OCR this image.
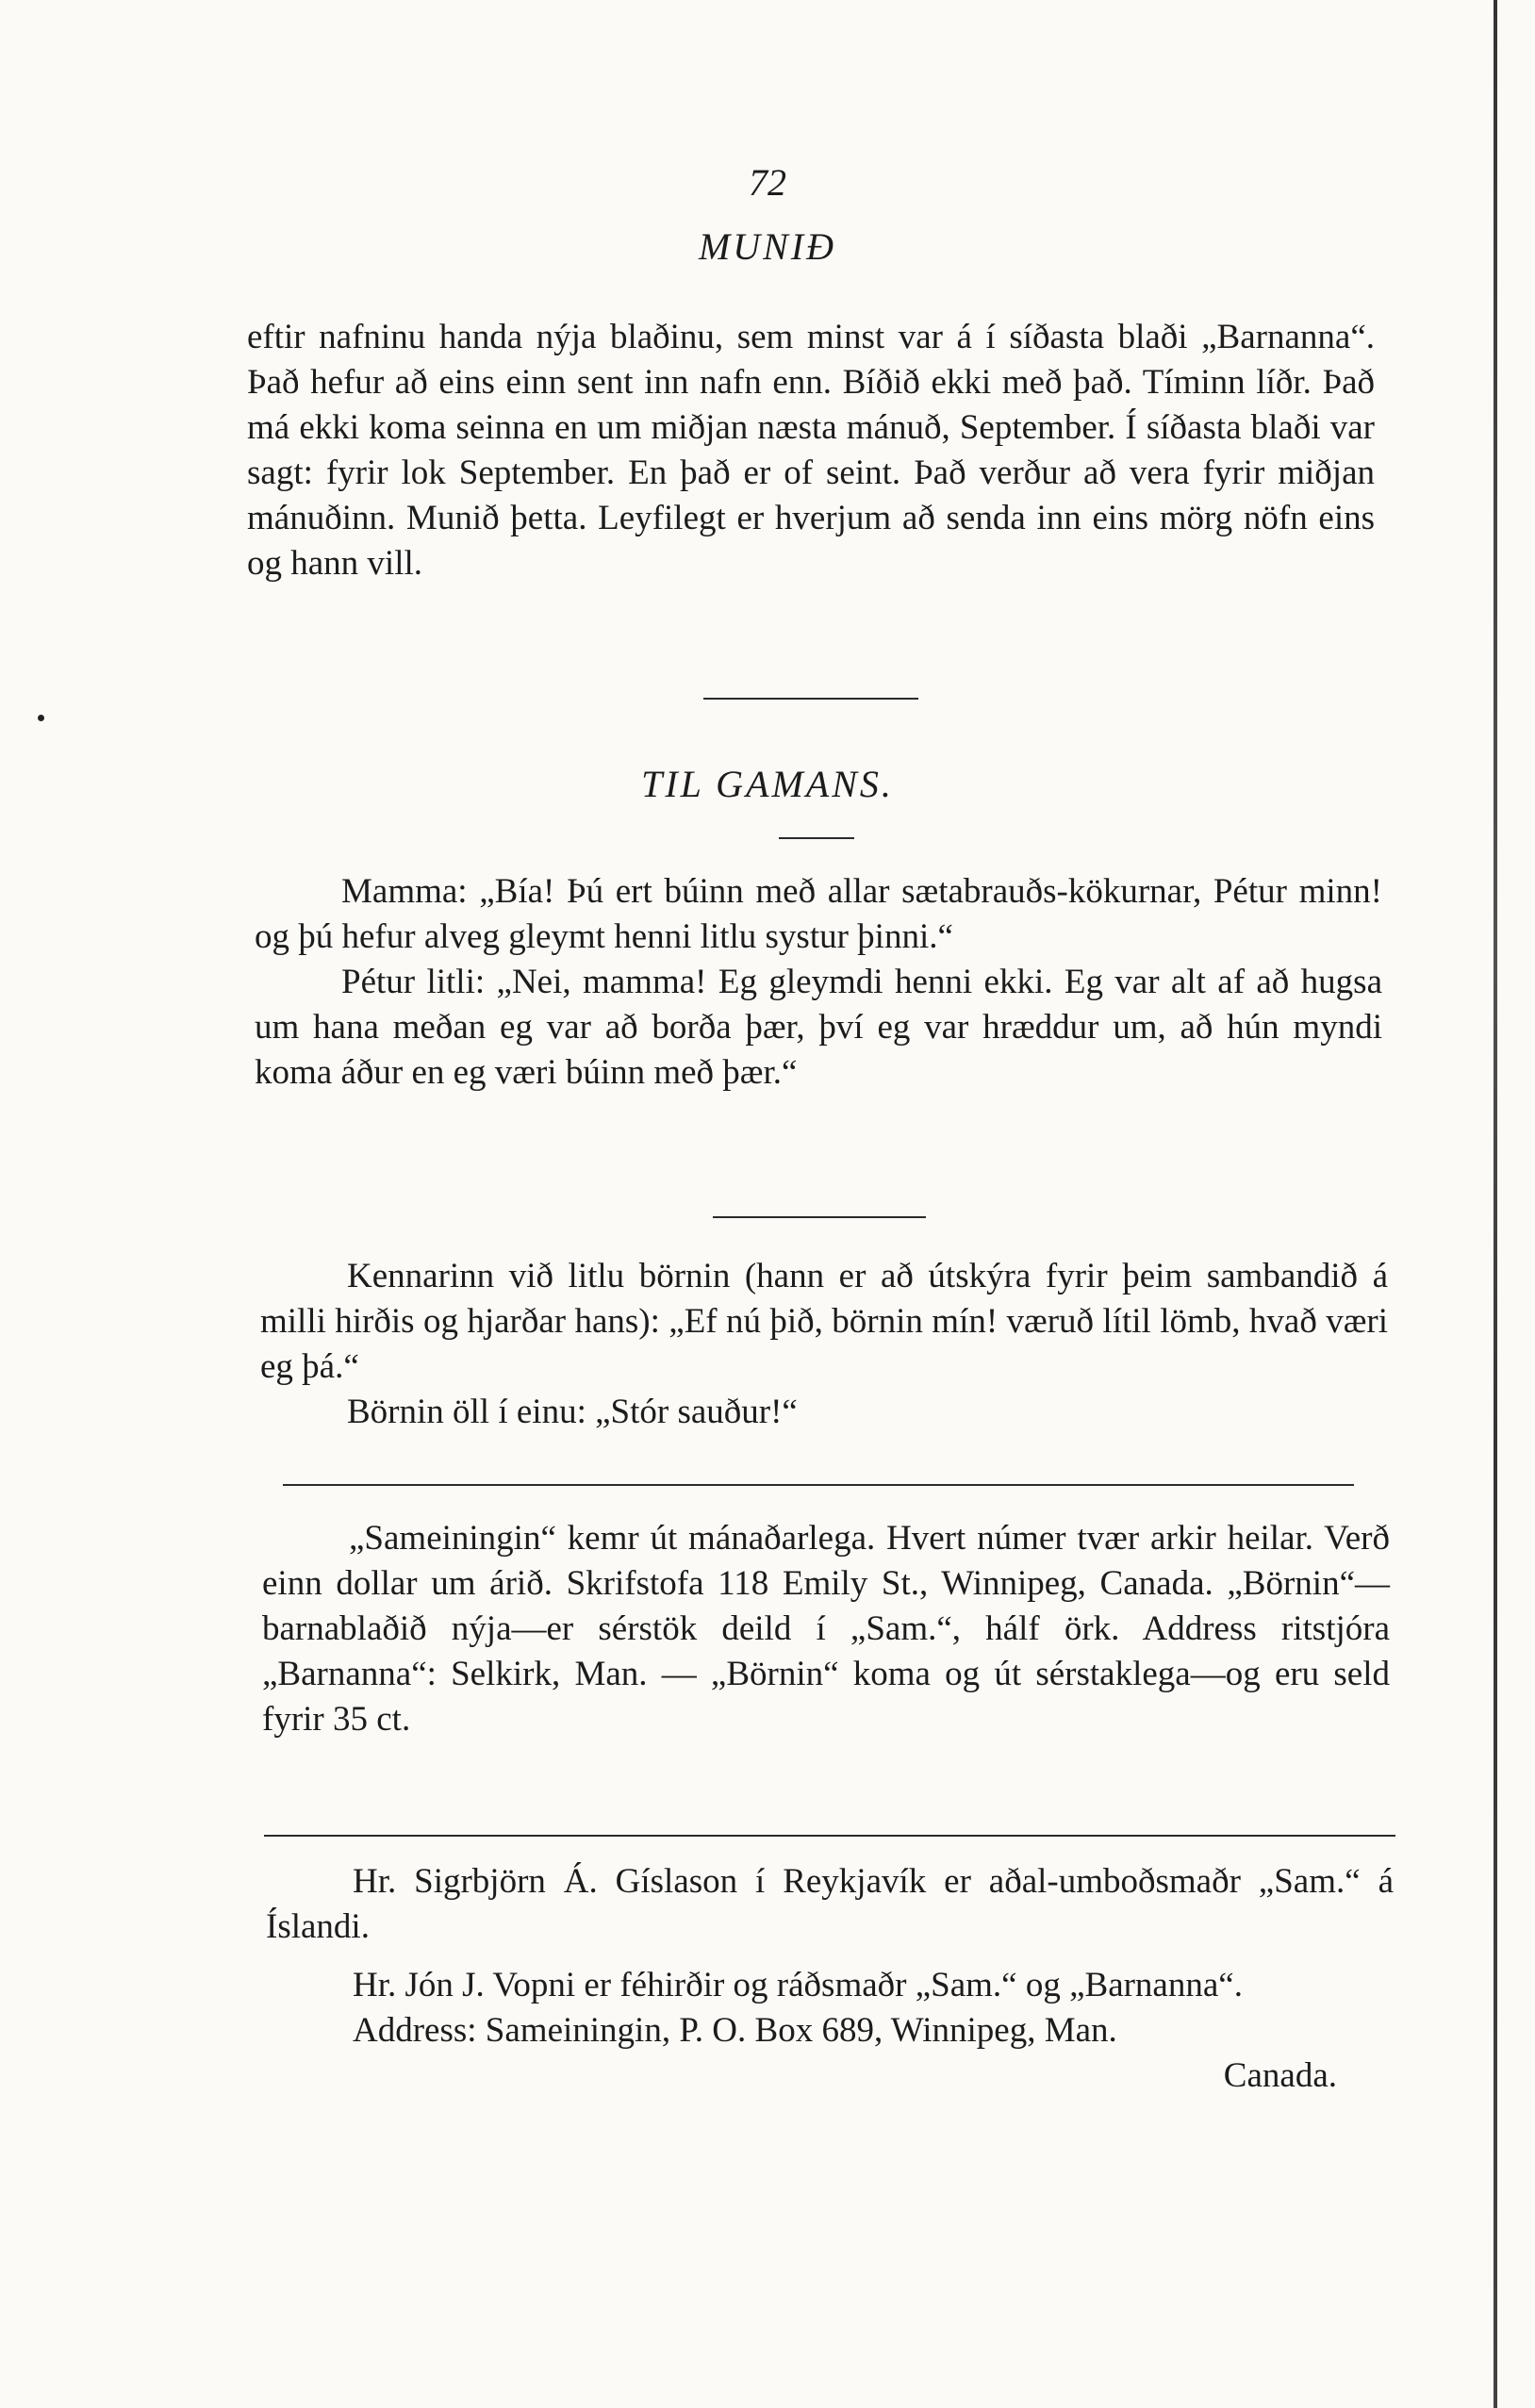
72
MUNIÐ

eftir nafninu handa nýja blaðinu, sem minst var á í síðasta blaði „Barnanna“. Það hefur að eins einn sent inn nafn enn. Bíðið ekki með það. Tíminn líðr. Það má ekki koma seinna en um miðjan næsta mánuð, September. Í síðasta blaði var sagt: fyrir lok September. En það er of seint. Það verður að vera fyrir miðjan mánuðinn. Munið þetta. Leyfilegt er hverjum að senda inn eins mörg nöfn eins og hann vill.

TIL GAMANS.

Mamma: „Bía! Þú ert búinn með allar sætabrauðs-kökurnar, Pétur minn! og þú hefur alveg gleymt henni litlu systur þinni.“

Pétur litli: „Nei, mamma! Eg gleymdi henni ekki. Eg var alt af að hugsa um hana meðan eg var að borða þær, því eg var hræddur um, að hún myndi koma áður en eg væri búinn með þær.“

Kennarinn við litlu börnin (hann er að útskýra fyrir þeim sambandið á milli hirðis og hjarðar hans): „Ef nú þið, börnin mín! væruð lítil lömb, hvað væri eg þá.“

Börnin öll í einu: „Stór sauður!“

„Sameiningin“ kemr út mánaðarlega. Hvert númer tvær arkir heilar. Verð einn dollar um árið. Skrifstofa 118 Emily St., Winnipeg, Canada. „Börnin“—barnablaðið nýja—er sérstök deild í „Sam.“, hálf örk. Address ritstjóra „Barnanna“: Selkirk, Man. — „Börnin“ koma og út sérstaklega—og eru seld fyrir 35 ct.

Hr. Sigrbjörn Á. Gíslason í Reykjavík er aðal-umboðsmaðr „Sam.“ á Íslandi.

Hr. Jón J. Vopni er féhirðir og ráðsmaðr „Sam.“ og „Barnanna“.

Address: Sameiningin, P. O. Box 689, Winnipeg, Man.

Canada.
